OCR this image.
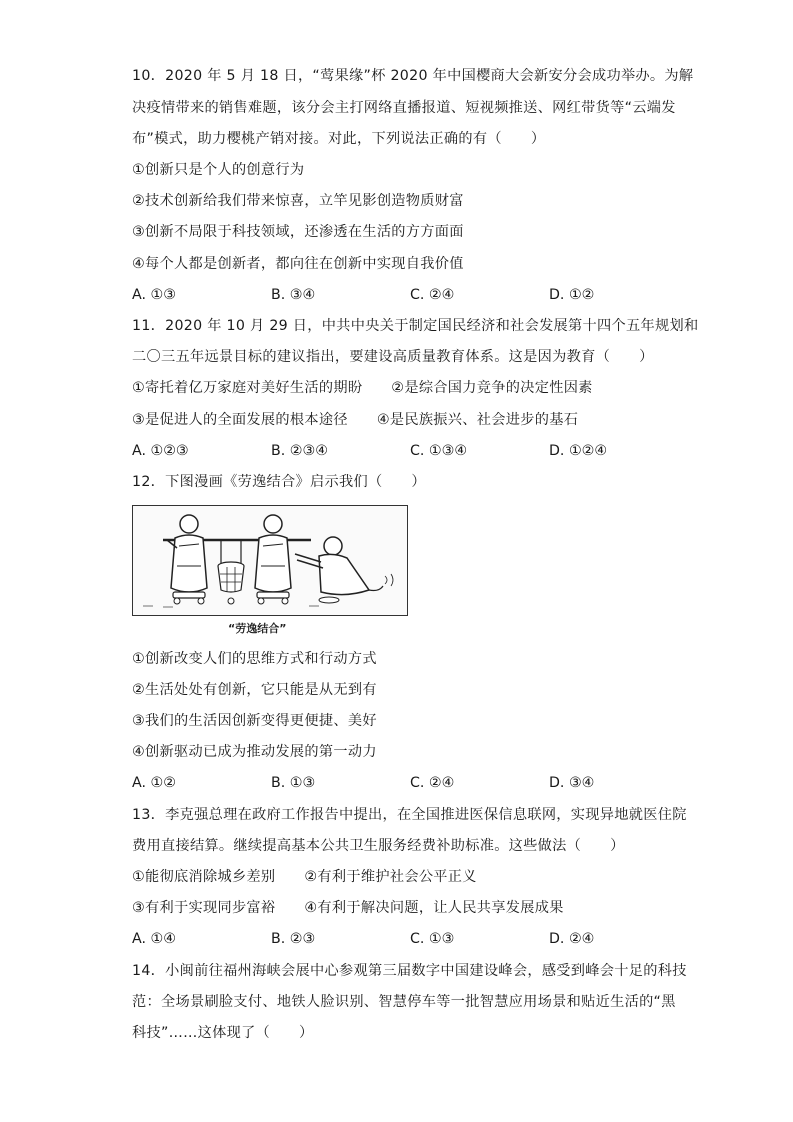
10．2020 年 5 月 18 日，“莺果缘”杯 2020 年中国樱商大会新安分会成功举办。为解
决疫情带来的销售难题，该分会主打网络直播报道、短视频推送、网红带货等“云端发
布”模式，助力樱桃产销对接。对此，下列说法正确的有（　　）
①创新只是个人的创意行为
②技术创新给我们带来惊喜，立竿见影创造物质财富
③创新不局限于科技领域，还渗透在生活的方方面面
④每个人都是创新者，都向往在创新中实现自我价值
A. ①③	B. ③④	C. ②④	D. ①②
11．2020 年 10 月 29 日，中共中央关于制定国民经济和社会发展第十四个五年规划和
二〇三五年远景目标的建议指出，要建设高质量教育体系。这是因为教育（　　）
①寄托着亿万家庭对美好生活的期盼　　②是综合国力竞争的决定性因素
③是促进人的全面发展的根本途径　　④是民族振兴、社会进步的基石
A. ①②③	B. ②③④	C. ①③④	D. ①②④
12．下图漫画《劳逸结合》启示我们（　　）
“劳逸结合”
①创新改变人们的思维方式和行动方式
②生活处处有创新，它只能是从无到有
③我们的生活因创新变得更便捷、美好
④创新驱动已成为推动发展的第一动力
A. ①②	B. ①③	C. ②④	D. ③④
13．李克强总理在政府工作报告中提出，在全国推进医保信息联网，实现异地就医住院
费用直接结算。继续提高基本公共卫生服务经费补助标准。这些做法（　　）
①能彻底消除城乡差别　　②有利于维护社会公平正义
③有利于实现同步富裕　　④有利于解决问题，让人民共享发展成果
A. ①④	B. ②③	C. ①③	D. ②④
14．小闽前往福州海峡会展中心参观第三届数字中国建设峰会，感受到峰会十足的科技
范：全场景刷脸支付、地铁人脸识别、智慧停车等一批智慧应用场景和贴近生活的“黑
科技”……这体现了（　　）
